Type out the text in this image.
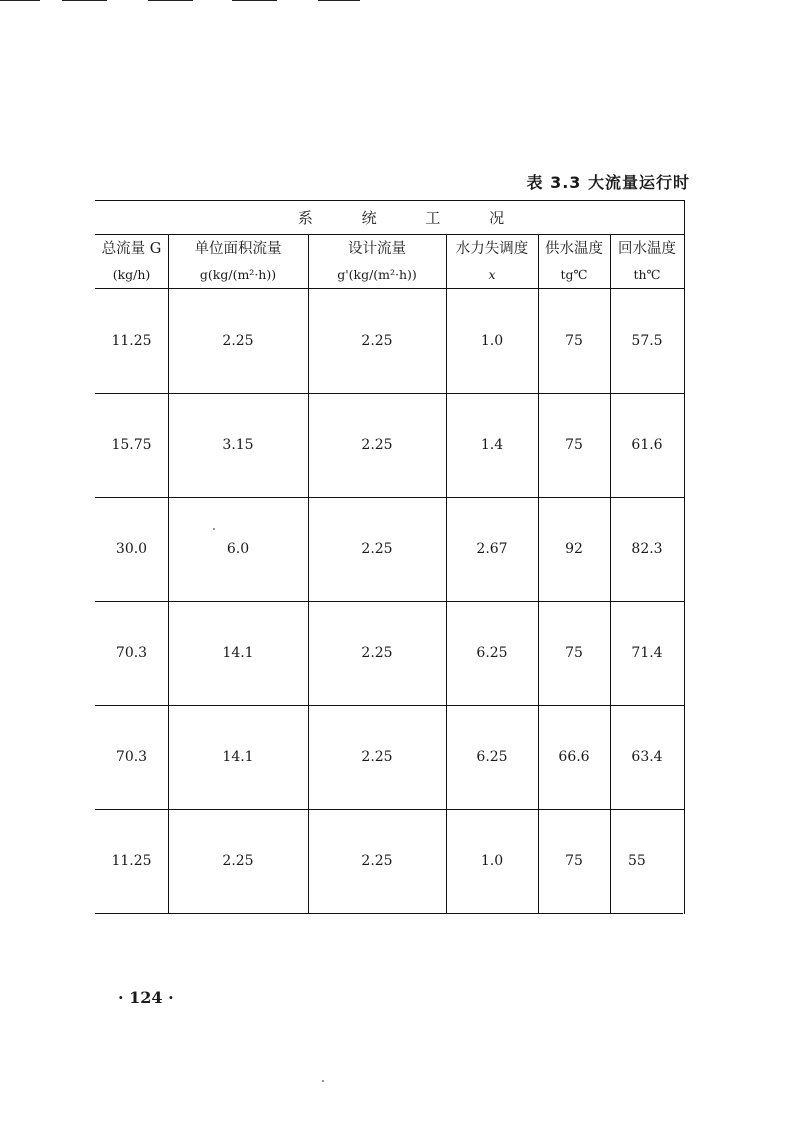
表 3.3 大流量运行时
系 统 工 况
总流量 G	单位面积流量	设计流量	水力失调度	供水温度	回水温度
(kg/h)	g(kg/(m²·h))	g'(kg/(m²·h))	x	tg℃	th℃
11.25	2.25	2.25	1.0	75	57.5
15.75	3.15	2.25	1.4	75	61.6
30.0	6.0	2.25	2.67	92	82.3
70.3	14.1	2.25	6.25	75	71.4
70.3	14.1	2.25	6.25	66.6	63.4
11.25	2.25	2.25	1.0	75	55
· 124 ·
